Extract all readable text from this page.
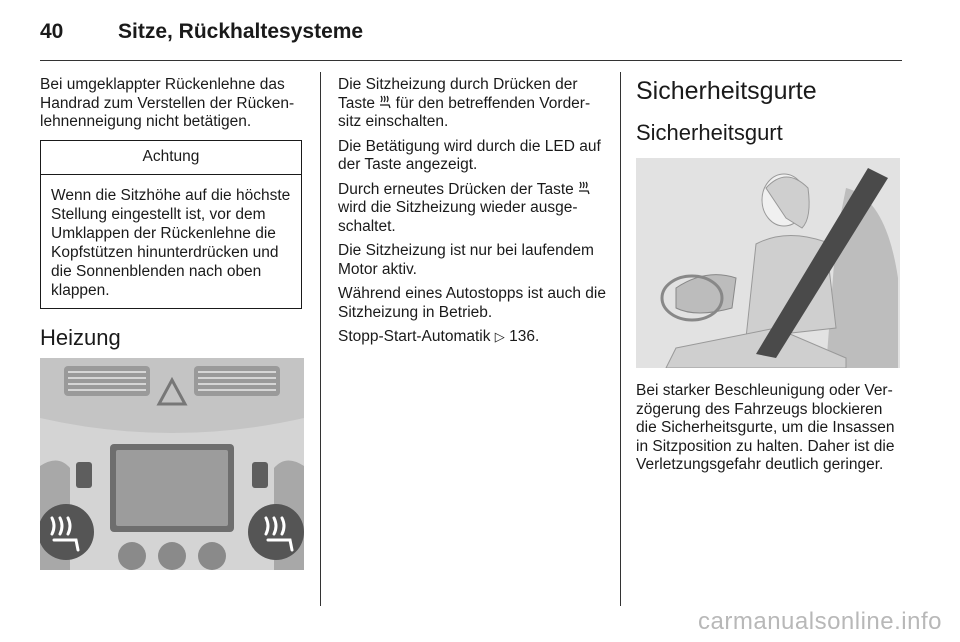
40	Sitze, Rückhaltesysteme

Bei umgeklappter Rückenlehne das Handrad zum Verstellen der Rückenlehnenneigung nicht betätigen.

Achtung
Wenn die Sitzhöhe auf die höchste Stellung eingestellt ist, vor dem Umklappen der Rückenlehne die Kopfstützen hinunterdrücken und die Sonnenblenden nach oben klappen.
Heizung

Die Sitzheizung durch Drücken der Taste  für den betreffenden Vordersitz einschalten.

Die Betätigung wird durch die LED auf der Taste angezeigt.

Durch erneutes Drücken der Taste  wird die Sitzheizung wieder ausgeschaltet.

Die Sitzheizung ist nur bei laufendem Motor aktiv.

Während eines Autostopps ist auch die Sitzheizung in Betrieb.

Stopp-Start-Automatik ▷ 136.

Sicherheitsgurte
Sicherheitsgurt

Bei starker Beschleunigung oder Verzögerung des Fahrzeugs blockieren die Sicherheitsgurte, um die Insassen in Sitzposition zu halten. Daher ist die Verletzungsgefahr deutlich geringer.

carmanualsonline.info
